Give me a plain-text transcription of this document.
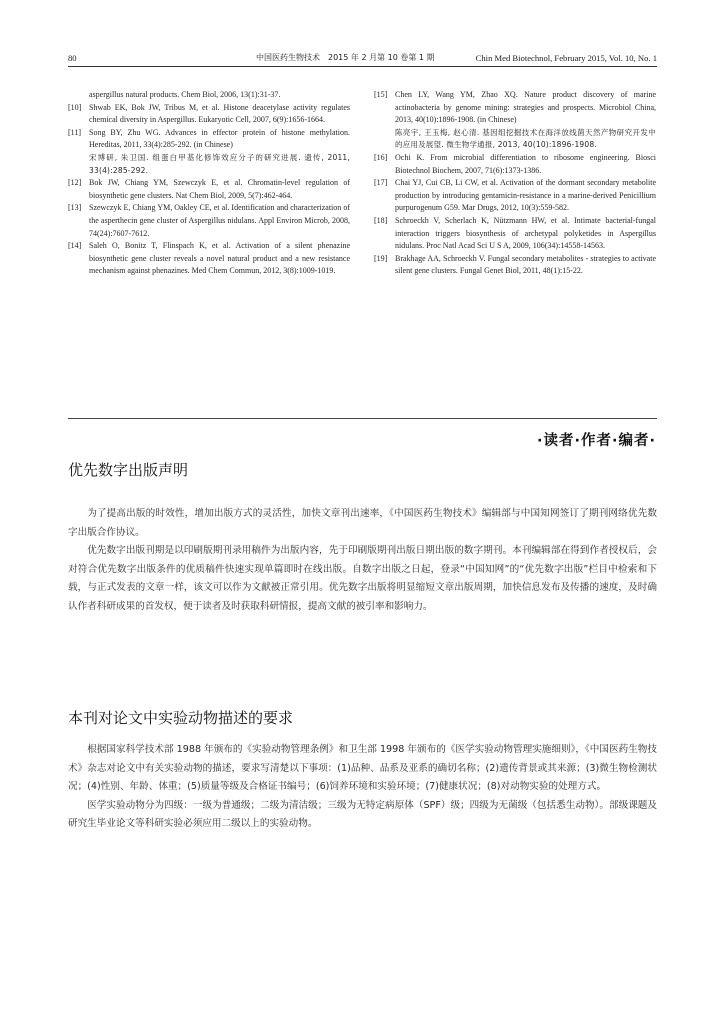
80	中国医药生物技术　2015 年 2 月第 10 卷第 1 期	Chin Med Biotechnol, February 2015, Vol. 10, No. 1
aspergillus natural products. Chem Biol, 2006, 13(1):31-37.
[10] Shwab EK, Bok JW, Tribus M, et al. Histone deacetylase activity regulates chemical diversity in Aspergillus. Eukaryotic Cell, 2007, 6(9):1656-1664.
[11] Song BY, Zhu WG. Advances in effector protein of histone methylation. Hereditas, 2011, 33(4):285-292. (in Chinese)
宋博研, 朱卫国. 组蛋白甲基化修饰效应分子的研究进展. 遗传, 2011, 33(4):285-292.
[12] Bok JW, Chiang YM, Szewczyk E, et al. Chromatin-level regulation of biosynthetic gene clusters. Nat Chem Biol, 2009, 5(7):462-464.
[13] Szewczyk E, Chiang YM, Oakley CE, et al. Identification and characterization of the asperthecin gene cluster of Aspergillus nidulans. Appl Environ Microb, 2008, 74(24):7607-7612.
[14] Saleh O, Bonitz T, Flinspach K, et al. Activation of a silent phenazine biosynthetic gene cluster reveals a novel natural product and a new resistance mechanism against phenazines. Med Chem Commun, 2012, 3(8):1009-1019.
[15] Chen LY, Wang YM, Zhao XQ. Nature product discovery of marine actinobacteria by genome mining: strategies and prospects. Microbiol China, 2013, 40(10):1896-1908. (in Chinese)
陈亮宇, 王玉梅, 赵心清. 基因组挖掘技术在海洋放线菌天然产物研究开发中的应用及展望. 微生物学通报, 2013, 40(10):1896-1908.
[16] Ochi K. From microbial differentiation to ribosome engineering. Biosci Biotechnol Biochem, 2007, 71(6):1373-1386.
[17] Chai YJ, Cui CB, Li CW, et al. Activation of the dormant secondary metabolite production by introducing gentamicin-resistance in a marine-derived Penicillium purpurogenum G59. Mar Drugs, 2012, 10(3):559-582.
[18] Schroeckh V, Scherlach K, Nützmann HW, et al. Intimate bacterial-fungal interaction triggers biosynthesis of archetypal polyketides in Aspergillus nidulans. Proc Natl Acad Sci U S A, 2009, 106(34):14558-14563.
[19] Brakhage AA, Schroeckh V. Fungal secondary metabolites - strategies to activate silent gene clusters. Fungal Genet Biol, 2011, 48(1):15-22.
·读者·作者·编者·
优先数字出版声明

为了提高出版的时效性，增加出版方式的灵活性，加快文章刊出速率，《中国医药生物技术》编辑部与中国知网签订了期刊网络优先数字出版合作协议。

优先数字出版刊期是以印刷版期刊录用稿件为出版内容，先于印刷版期刊出版日期出版的数字期刊。本刊编辑部在得到作者授权后，会对符合优先数字出版条件的优质稿件快速实现单篇即时在线出版。自数字出版之日起，登录“中国知网”的“优先数字出版”栏目中检索和下载，与正式发表的文章一样，该文可以作为文献被正常引用。优先数字出版将明显缩短文章出版周期，加快信息发布及传播的速度，及时确认作者科研成果的首发权，便于读者及时获取科研情报，提高文献的被引率和影响力。

本刊对论文中实验动物描述的要求

根据国家科学技术部 1988 年颁布的《实验动物管理条例》和卫生部 1998 年颁布的《医学实验动物管理实施细则》，《中国医药生物技术》杂志对论文中有关实验动物的描述，要求写清楚以下事项：(1)品种、品系及亚系的确切名称；(2)遗传背景或其来源；(3)微生物检测状况；(4)性别、年龄、体重；(5)质量等级及合格证书编号；(6)饲养环境和实验环境；(7)健康状况；(8)对动物实验的处理方式。

医学实验动物分为四级：一级为普通级；二级为清洁级；三级为无特定病原体（SPF）级；四级为无菌级（包括悉生动物）。部级课题及研究生毕业论文等科研实验必须应用二级以上的实验动物。
